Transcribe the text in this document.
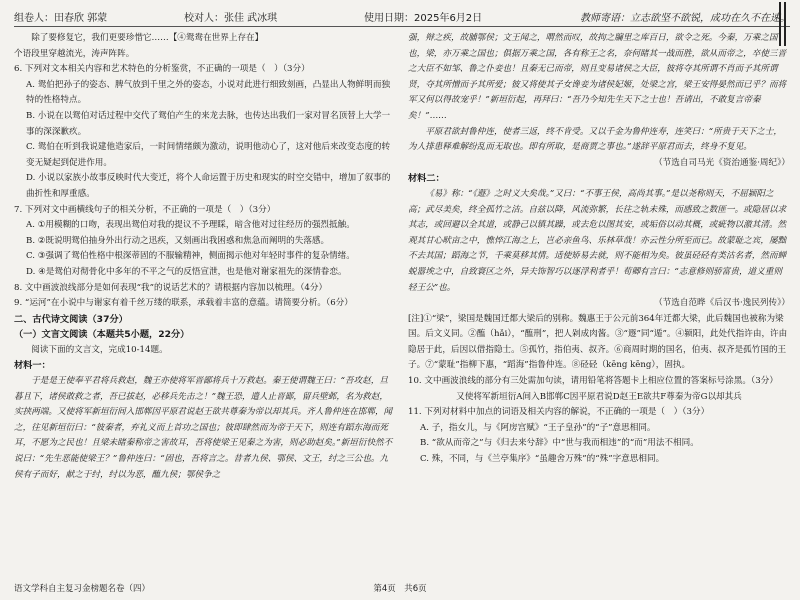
组卷人：田春欣 郭蒙	校对人：张佳 武冰琪	使用日期：2025年6月2日	教师寄语：立志欲坚不欲锐，成功在久不在速。

除了要修复它，我们更要珍惜它……【④鸳鸯在世界上存在】

个语段里穿越流光，涛声阵阵。

6. 下列对文本相关内容和艺术特色的分析鉴赏，不正确的一项是（　）（3分）

A. 鸳伯把孙子的姿态、脾气放到千里之外的姿态，小说对此进行细致刻画，凸显出人物鲜明而独特的性格特点。

B. 小说在以鸳伯对话过程中交代了鸳伯产生的来龙去脉，也传达出我们一家对冒名顶替上大学一事的深深歉疚。

C. 鸳伯在听到我说建他造家后，一时间情绪颇为激动，说明他动心了，这对他后来改变态度的转变无疑起到促进作用。

D. 小说以家族小故事反映时代大变迁，将个人命运置于历史和现实的时空交错中，增加了叙事的曲折性和厚重感。

7. 下列对文中画横线句子的相关分析，不正确的一项是（　）（3分）

A. ①用模糊的口吻，表现出鸳伯对我的提议不予理睬，暗含他对过往经历的强烈抵触。

B. ②既说明鸳伯抽身外出行动之迅疾，又刻画出我困惑和焦急而阐明的失落感。

C. ③强调了鸳伯性格中根深蒂固的不服输精神，侧面揭示他对年轻时事件的复杂情绪。

D. ④是鸳伯对彻骨化中多年的不平之气的反悟宣泄，也是他对谢家祖先的深情眷恋。

8. 文中画波浪线部分是如何表现“我”的说话艺术的？请根据内容加以梳理。（4分）

9. “运河”在小说中与谢家有着千丝万缕的联系，承载着丰富的意蕴。请简要分析。（6分）

二、古代诗文阅读（37分）

（一）文言文阅读（本题共5小题，22分）

阅读下面的文言文，完成10-14题。

材料一：

于是是王使奉平君将兵救赵，魏王亦使将军晋鄙将兵十万救赵。秦王使谓魏王曰：“吾攻赵，旦暮且下，诸侯敢救之者，吾已拔赵，必移兵先击之！”魏王恐，遣人止晋鄙，留兵壁邺，名为救赵，实挟两端。又使将军新垣衍间入邯郸因平原君说赵王欲共尊秦为帝以却其兵。齐人鲁仲连在邯郸，闻之，往见新垣衍曰：“彼秦者，弃礼义而上首功之国也；彼即肆然而为帝于天下，则连有蹈东海而死耳，不愿为之民也！且梁未睹秦称帝之害故耳，吾将使梁王见秦之为害，则必助赵矣。”新垣衍快然不说曰：“先生恶能使梁王？”鲁仲连曰：“固也，吾将言之。昔者九侯、鄂侯、文王，纣之三公也。九侯有子而好，献之于纣，纣以为恶，醢九侯；鄂侯争之

强，辩之疾，故脯鄂侯；文王闻之，喟然而叹，故拘之牖里之库百日，欲令之死。今秦，万乘之国也，梁，亦万乘之国也；俱据万乘之国，各有称王之名，奈何睹其一战而胜，欲从而帝之，卒使三晋之大臣不如邹、鲁之仆妾也！且秦无已而帝，则且变易诸侯之大臣，彼将夺其所谓不肖而予其所谓贤，夺其所憎而予其所爱；彼又将使其子女谗妾为诸侯妃姬，处梁之宫，梁王安得晏然而已乎？而将军又何以得故宠乎！”新垣衍起，再拜曰：“吾乃今知先生天下之士也！吾请出，不敢复言帝秦矣！”……

平原君欲封鲁仲连，使者三返，终不肯受。又以千金为鲁仲连寿，连笑曰：“所贵于天下之士，为人排患释难解纷乱而无取也。即有所取，是商贾之事也。”遂辞平原君而去，终身不复见。

（节选自司马光《资治通鉴·周纪》）

材料二：

《易》称：“《遯》之时义大矣哉。”又曰：“不事王侯，高尚其事。”是以尧称则天，不屈颍阳之高；武尽美矣，终全孤竹之洁。自兹以降，风流弥繁，长往之轨未殊，而感致之数匪一。或隐居以求其志，或回避以全其道，或静己以镇其躁，或去危以图其安，或垢俗以动其概，或疵物以激其清。然观其甘心畎亩之中，憔悴江海之上，岂必亲鱼鸟、乐林草哉！亦云性分所至而已。故蒙耻之宾，屡黜不去其国；蹈海之节，千乘莫移其情。适使矫易去就，则不能相为矣。彼虽硁硁有类沽名者，然而蝉蜕嚣埃之中，自致寰区之外，异夫饰智巧以逐浮利者乎！荀卿有言曰：“志意修则骄富贵，道义重则轻王公”也。

（节选自范晔《后汉书·逸民列传》）

[注]①“梁”，梁国是魏国迁都大梁后的别称。魏惠王于公元前364年迁都大梁，此后魏国也被称为梁国。后文义同。②醢（hǎi），“醢刑”，把人剁成肉酱。③“遯”同“遁”。④颍阳，此处代指许由，许由隐居于此，后因以借指隐士。⑤孤竹，指伯夷、叔齐。⑥商周时期的国名，伯夷、叔齐是孤竹国的王子。⑦“蒙耻”指柳下惠，“蹈海”指鲁仲连。⑧硁硁（kēng kēng），固执。

10. 文中画波浪线的部分有三处需加句读，请用铅笔将答题卡上相应位置的答案标号涂黑。（3分）

又使将军新垣衍A间入B邯郸C因平原君说D赵王E欲共F尊秦为帝G以却其兵

11. 下列对材料中加点的词语及相关内容的解说，不正确的一项是（　）（3分）

A. 子，指女儿，与《阿房宫赋》“王子皇孙”的“子”意思相同。

B. “欲从而帝之”与《归去来兮辞》中“世与我而相违”的“而”用法不相同。

C. 殊，不同，与《兰亭集序》“虽趣舍万殊”的“殊”字意思相同。

语文学科自主复习金榜题名卷（四）	第4页　 共6页
